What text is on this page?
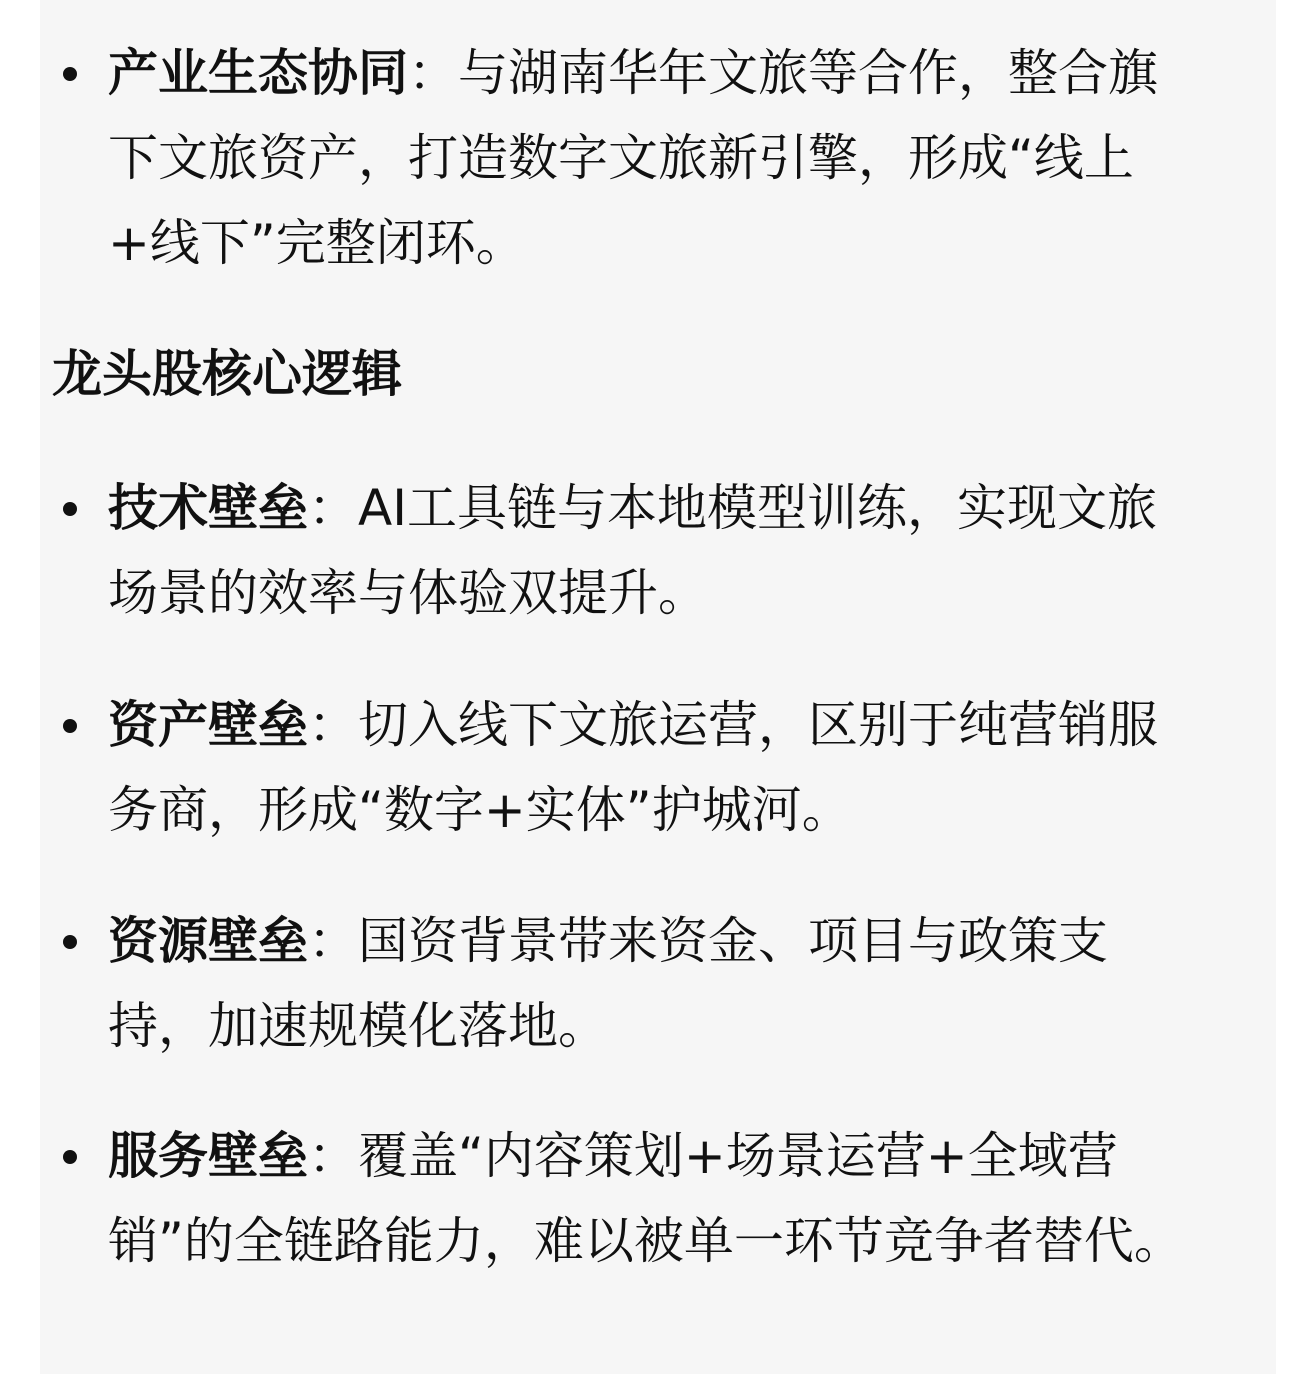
产业生态协同：与湖南华年文旅等合作，整合旗下文旅资产，打造数字文旅新引擎，形成“线上+线下”完整闭环。
龙头股核心逻辑
技术壁垒：AI工具链与本地模型训练，实现文旅场景的效率与体验双提升。
资产壁垒：切入线下文旅运营，区别于纯营销服务商，形成“数字+实体”护城河。
资源壁垒：国资背景带来资金、项目与政策支持，加速规模化落地。
服务壁垒：覆盖“内容策划+场景运营+全域营销”的全链路能力，难以被单一环节竞争者替代。
